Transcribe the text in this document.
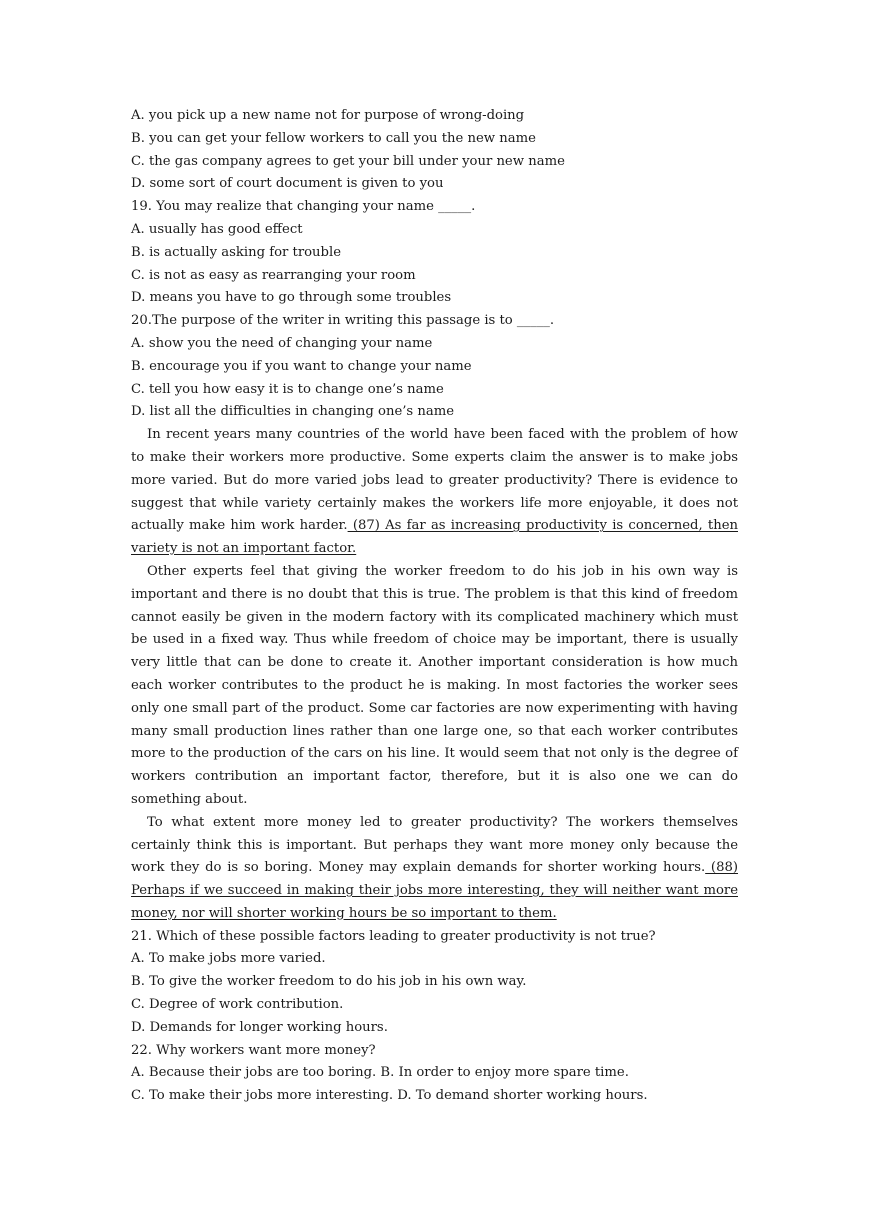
A. you pick up a new name not for purpose of wrong-doing
B. you can get your fellow workers to call you the new name
C. the gas company agrees to get your bill under your new name
D. some sort of court document is given to you
19. You may realize that changing your name _____.
A. usually has good effect
B. is actually asking for trouble
C. is not as easy as rearranging your room
D. means you have to go through some troubles
20.The purpose of the writer in writing this passage is to _____.
A. show you the need of changing your name
B. encourage you if you want to change your name
C. tell you how easy it is to change one’s name
D. list all the difficulties in changing one’s name

In recent years many countries of the world have been faced with the problem of how to make their workers more productive. Some experts claim the answer is to make jobs more varied. But do more varied jobs lead to greater productivity? There is evidence to suggest that while variety certainly makes the workers life more enjoyable, it does not actually make him work harder. (87) As far as increasing productivity is concerned, then variety is not an important factor.

Other experts feel that giving the worker freedom to do his job in his own way is important and there is no doubt that this is true. The problem is that this kind of freedom cannot easily be given in the modern factory with its complicated machinery which must be used in a fixed way. Thus while freedom of choice may be important, there is usually very little that can be done to create it. Another important consideration is how much each worker contributes to the product he is making. In most factories the worker sees only one small part of the product. Some car factories are now experimenting with having many small production lines rather than one large one, so that each worker contributes more to the production of the cars on his line. It would seem that not only is the degree of workers contribution an important factor, therefore, but it is also one we can do something about.

To what extent more money led to greater productivity? The workers themselves certainly think this is important. But perhaps they want more money only because the work they do is so boring. Money may explain demands for shorter working hours. (88) Perhaps if we succeed in making their jobs more interesting, they will neither want more money, nor will shorter working hours be so important to them.

21. Which of these possible factors leading to greater productivity is not true?
A. To make jobs more varied.
B. To give the worker freedom to do his job in his own way.
C. Degree of work contribution.
D. Demands for longer working hours.
22. Why workers want more money?
A. Because their jobs are too boring. B. In order to enjoy more spare time.
C. To make their jobs more interesting. D. To demand shorter working hours.
